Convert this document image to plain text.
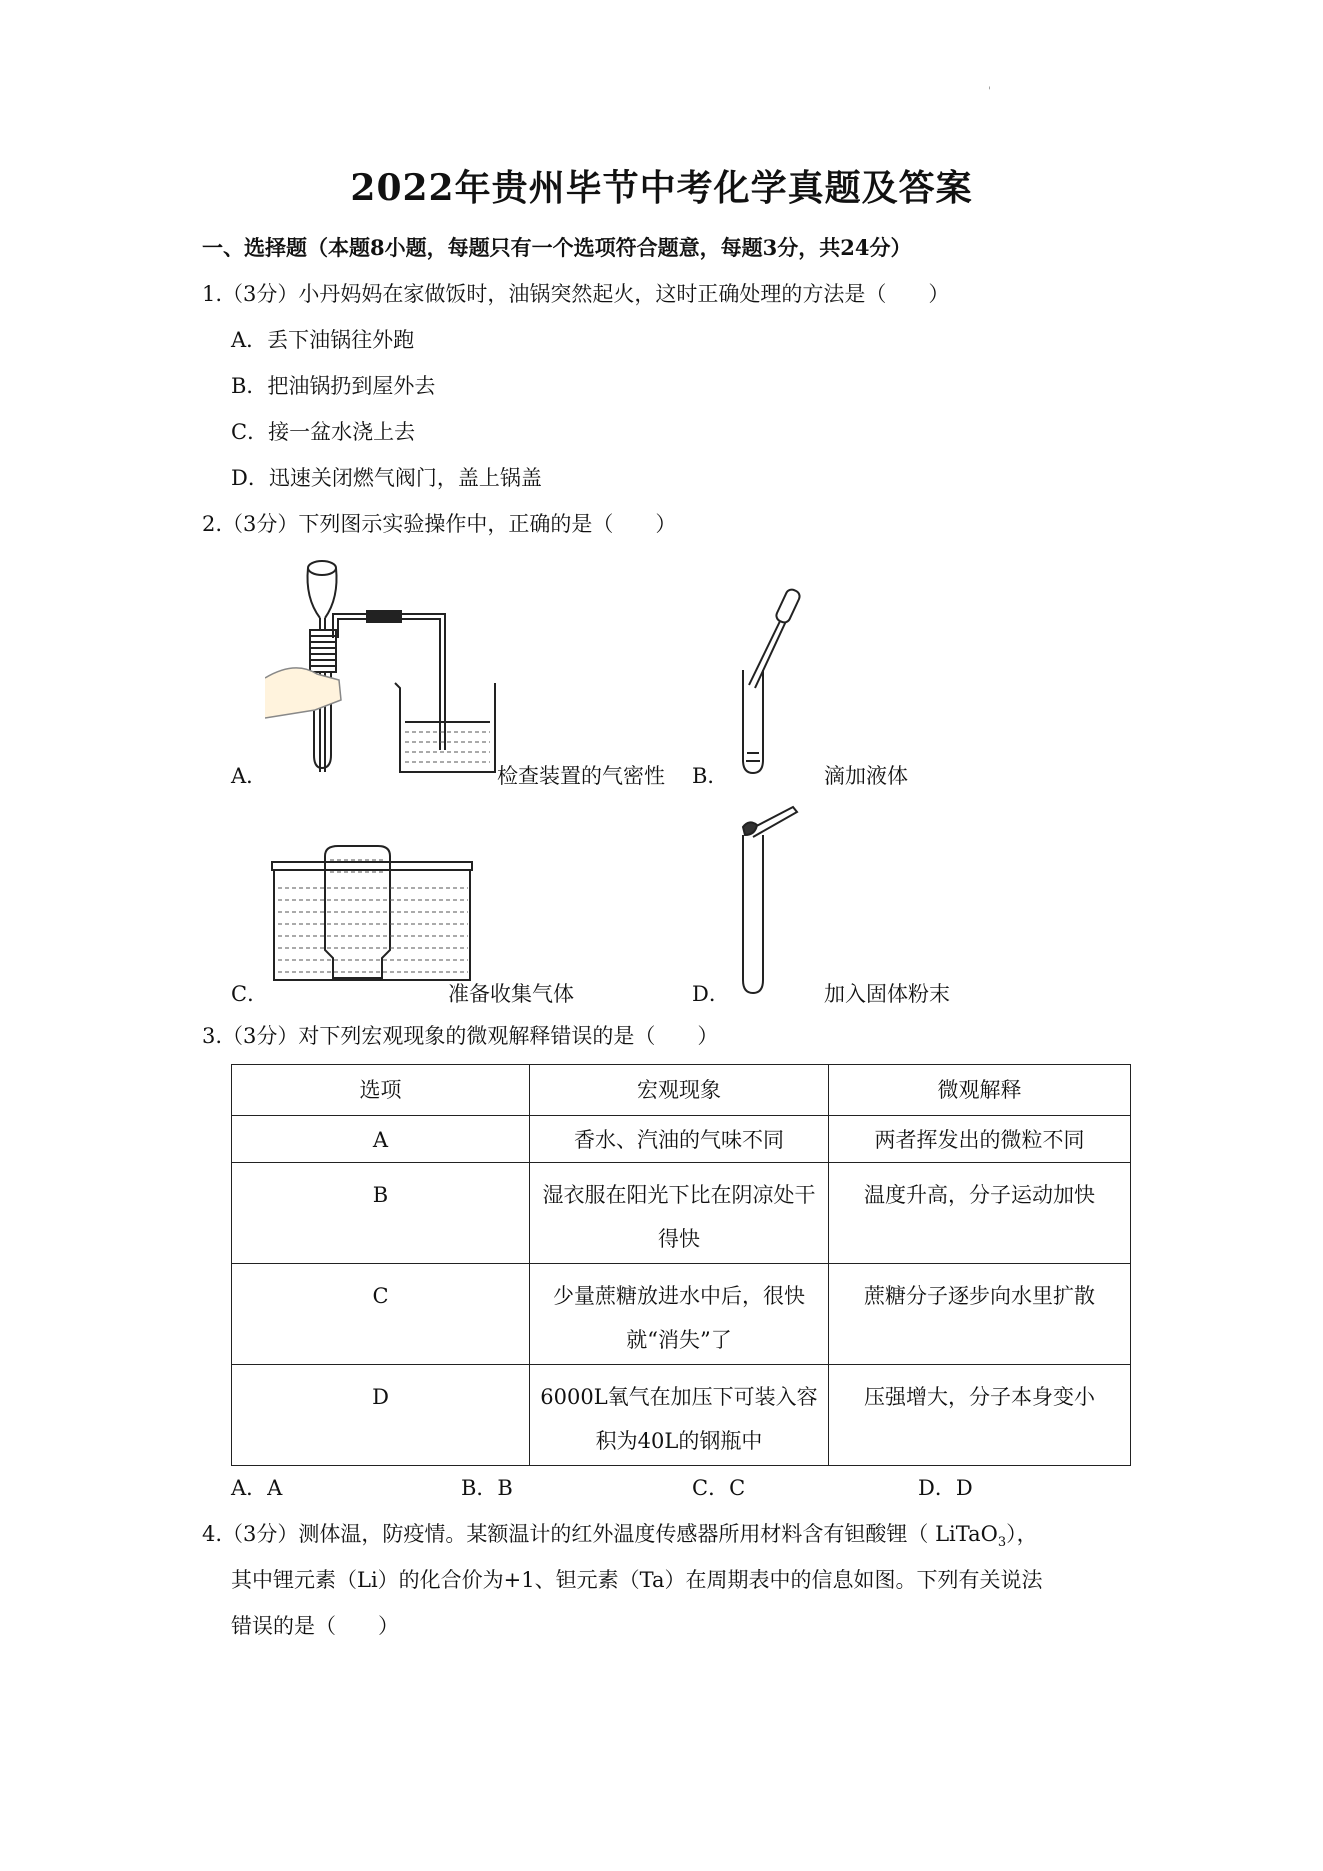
'
2022年贵州毕节中考化学真题及答案
一、选择题（本题8小题，每题只有一个选项符合题意，每题3分，共24分）
1.（3分）小丹妈妈在家做饭时，油锅突然起火，这时正确处理的方法是（　　）
A．丢下油锅往外跑
B．把油锅扔到屋外去
C．接一盆水浇上去
D．迅速关闭燃气阀门，盖上锅盖
2.（3分）下列图示实验操作中，正确的是（　　）
A．	检查装置的气密性 B．	滴加液体
C．	准备收集气体	D．	加入固体粉末
3.（3分）对下列宏观现象的微观解释错误的是（　　）
选项	宏观现象	微观解释
A	香水、汽油的气味不同	两者挥发出的微粒不同
B	湿衣服在阳光下比在阴凉处干得快	温度升高，分子运动加快
C	少量蔗糖放进水中后，很快就“消失”了	蔗糖分子逐步向水里扩散
D	6000L氧气在加压下可装入容积为40L的钢瓶中	压强增大，分子本身变小
A．A	B．B	C．C	D．D
4.（3分）测体温，防疫情。某额温计的红外温度传感器所用材料含有钽酸锂（ LiTaO$_3$），
其中锂元素（Li）的化合价为+1、钽元素（Ta）在周期表中的信息如图。下列有关说法
错误的是（　　）
